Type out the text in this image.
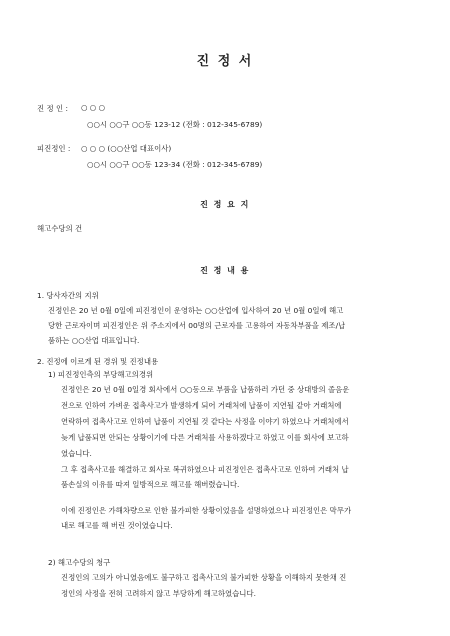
진 정 서
진 정 인 : ○ ○ ○
○○시 ○○구 ○○동 123-12 (전화 : 012-345-6789)
피진정인 : ○ ○ ○ (○○산업 대표이사)
○○시 ○○구 ○○동 123-34 (전화 : 012-345-6789)
진 정 요 지
해고수당의 건
진 정 내 용
1. 당사자간의 지위
진정인은 20 년 0월 0일에 피진정인이 운영하는 ○○산업에 입사하여 20 년 0월 0일에 해고
당한 근로자이며 피진정인은 위 주소지에서 00명의 근로자를 고용하여 자동차부품을 제조/납
품하는 ○○산업 대표입니다.
2. 진정에 이르게 된 경위 및 진정내용
1) 피진정인측의 부당해고의경위
진정인은 20 년 0월 0일경 회사에서 ○○동으로 부품을 납품하러 가던 중 상대방의 졸음운
전으로 인하여 가벼운 접촉사고가 발생하게 되어 거래처에 납품이 지연될 같아 거래처에
연락하여 접촉사고로 인하여 납품이 지연될 것 같다는 사정을 이야기 하였으나 거래처에서
늦게 납품되면 안되는 상황이기에 다른 거래처를 사용하겠다고 하였고 이를 회사에 보고하
였습니다.
그 후 접촉사고를 해결하고 회사로 복귀하였으나 피진정인은 접촉사고로 인하여 거래처 납
품손실의 이유를 따져 일방적으로 해고를 해버렸습니다.
이에 진정인은 가해차량으로 인한 불가피한 상황이었음을 설명하였으나 피진정인은 막무가
내로 해고를 해 버린 것이였습니다.
2) 해고수당의 청구
진정인의 고의가 아니였음에도 불구하고 접촉사고의 불가피한 상황을 이해하지 못한채 진
정인의 사정을 전혀 고려하지 않고 부당하게 해고하였습니다.
